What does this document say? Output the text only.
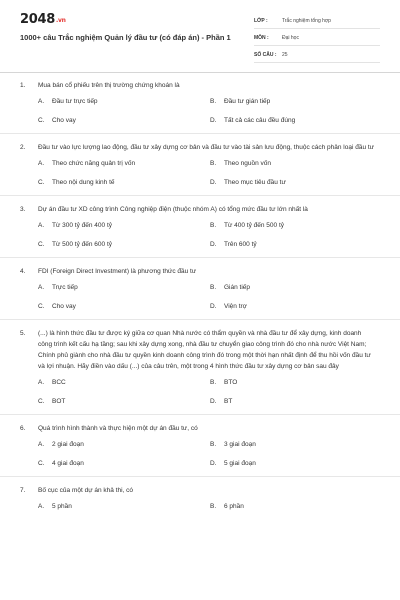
2048.vn
1000+ câu Trắc nghiệm Quản lý đầu tư (có đáp án) - Phần 1
LỚP :	Trắc nghiệm tổng hợp
MÔN :	Đại học
SỐ CÂU :	25
1.	Mua bán cổ phiếu trên thị trường chứng khoán là
A.	Đầu tư trực tiếp	B.	Đầu tư gián tiếp
C.	Cho vay	D.	Tất cả các câu đều đúng
2.	Đầu tư vào lực lượng lao động, đầu tư xây dựng cơ bản và đầu tư vào tài sản lưu động, thuộc cách phân loại đầu tư
A.	Theo chức năng quản trị vốn	B.	Theo nguồn vốn
C.	Theo nội dung kinh tế	D.	Theo mục tiêu đầu tư
3.	Dự án đầu tư XD công trình Công nghiệp điện (thuộc nhóm A) có tổng mức đầu tư lớn nhất là
A.	Từ 300 tỷ đến 400 tỷ	B.	Từ 400 tỷ đến 500 tỷ
C.	Từ 500 tỷ đến 600 tỷ	D.	Trên 600 tỷ
4.	FDI (Foreign Direct Investment) là phương thức đầu tư
A.	Trực tiếp	B.	Gián tiếp
C.	Cho vay	D.	Viện trợ
5.	(...) là hình thức đầu tư được ký giữa cơ quan Nhà nước có thẩm quyền và nhà đầu tư để xây dựng, kinh doanh công trình kết cấu hạ tầng; sau khi xây dựng xong, nhà đầu tư chuyển giao công trình đó cho nhà nước Việt Nam; Chính phủ giành cho nhà đầu tư quyền kinh doanh công trình đó trong một thời hạn nhất định để thu hồi vốn đầu tư và lợi nhuận. Hãy điền vào dấu (...) của câu trên, một trong 4 hình thức đầu tư xây dựng cơ bản sau đây
A.	BCC	B.	BTO
C.	BOT	D.	BT
6.	Quá trình hình thành và thực hiện một dự án đầu tư, có
A.	2 giai đoạn	B.	3 giai đoạn
C.	4 giai đoạn	D.	5 giai đoạn
7.	Bố cục của một dự án khả thi, có
A.	5 phần	B.	6 phần
